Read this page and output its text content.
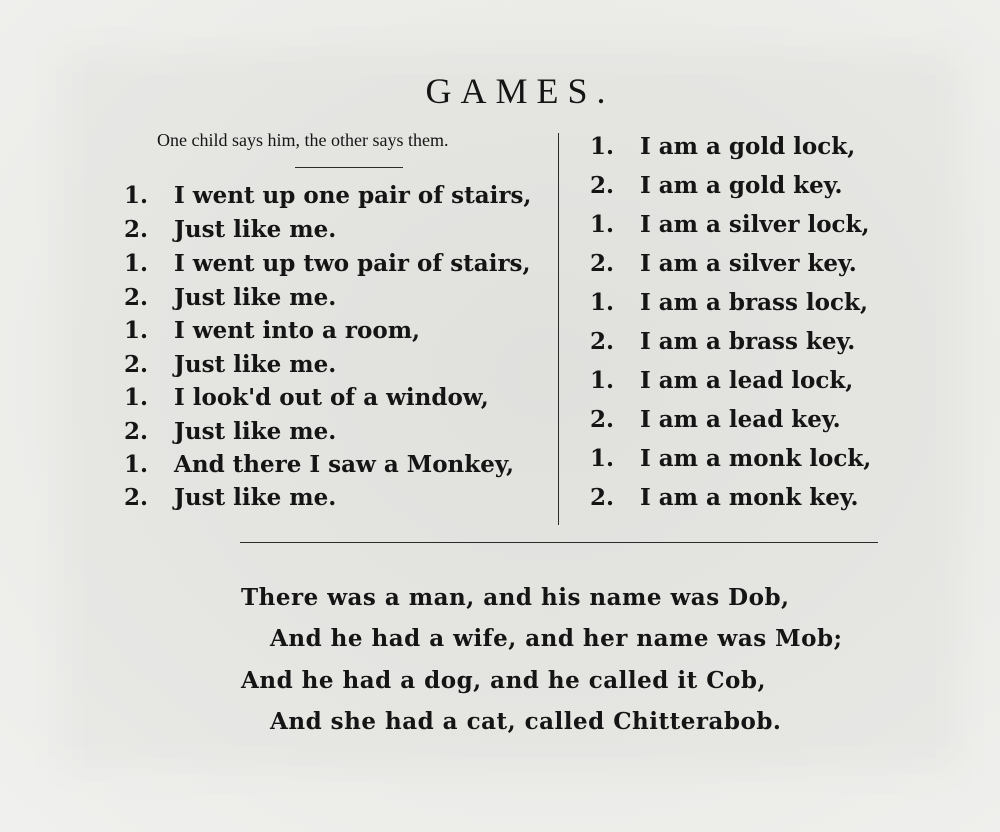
GAMES.
One child says him, the other says them.
1. I went up one pair of stairs,
2. Just like me.
1. I went up two pair of stairs,
2. Just like me.
1. I went into a room,
2. Just like me.
1. I look'd out of a window,
2. Just like me.
1. And there I saw a Monkey,
2. Just like me.
1. I am a gold lock,
2. I am a gold key.
1. I am a silver lock,
2. I am a silver key.
1. I am a brass lock,
2. I am a brass key.
1. I am a lead lock,
2. I am a lead key.
1. I am a monk lock,
2. I am a monk key.
There was a man, and his name was Dob,
And he had a wife, and her name was Mob;
And he had a dog, and he called it Cob,
And she had a cat, called Chitterabob.
